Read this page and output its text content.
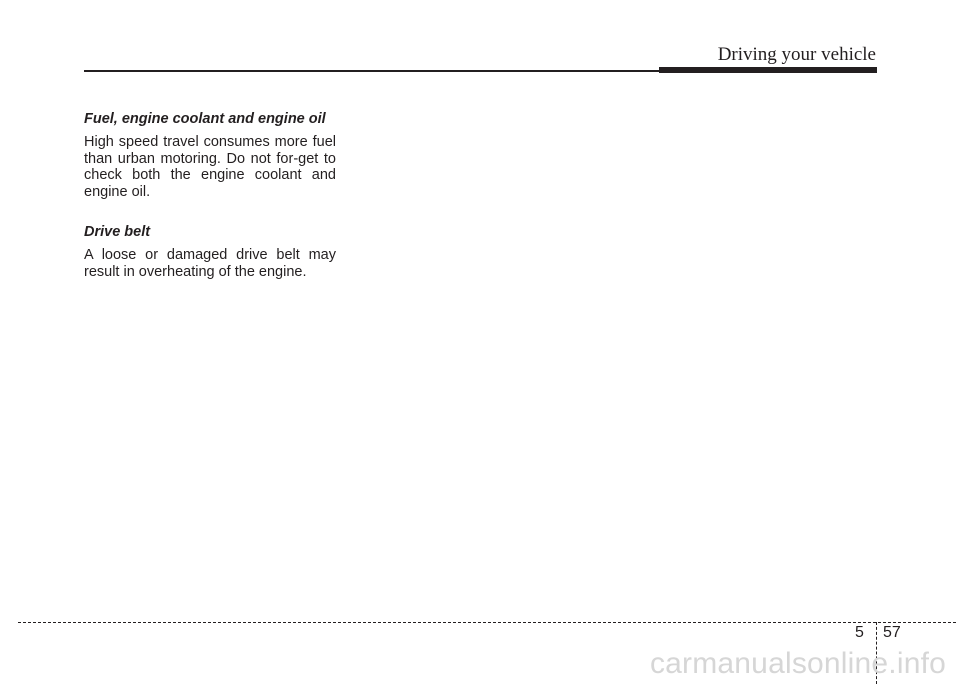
Driving your vehicle

Fuel, engine coolant and engine oil

High speed travel consumes more fuel than urban motoring. Do not for-get to check both the engine coolant and engine oil.

Drive belt

A loose or damaged drive belt may result in overheating of the engine.

5 57
carmanualsonline.info
